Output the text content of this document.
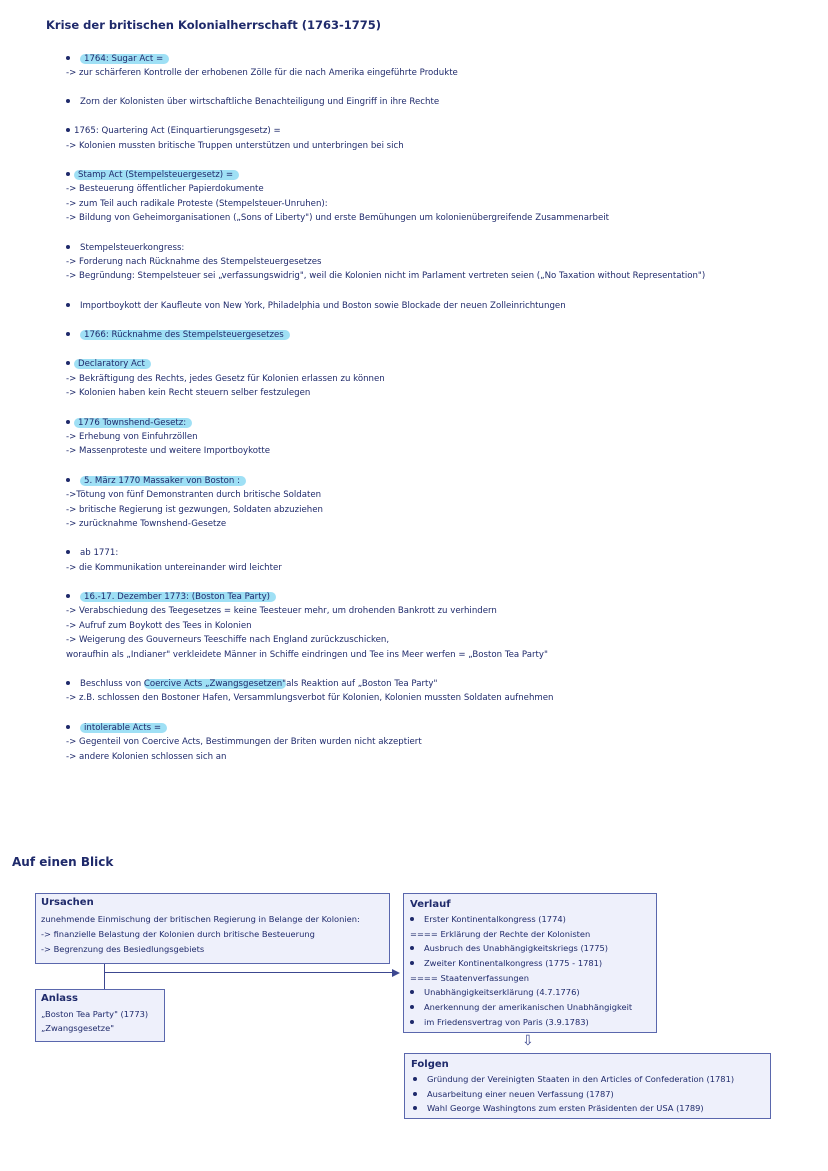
Krise der britischen Kolonialherrschaft (1763-1775)
1764: Sugar Act =
-> zur schärferen Kontrolle der erhobenen Zölle für die nach Amerika eingeführte Produkte
Zorn der Kolonisten über wirtschaftliche Benachteiligung und Eingriff in ihre Rechte
1765: Quartering Act (Einquartierungsgesetz) =
-> Kolonien mussten britische Truppen unterstützen und unterbringen bei sich
Stamp Act (Stempelsteuergesetz) =
-> Besteuerung öffentlicher Papierdokumente
-> zum Teil auch radikale Proteste (Stempelsteuer-Unruhen):
-> Bildung von Geheimorganisationen („Sons of Liberty") und erste Bemühungen um kolonienübergreifende Zusammenarbeit
Stempelsteuerkongress:
-> Forderung nach Rücknahme des Stempelsteuergesetzes
-> Begründung: Stempelsteuer sei „verfassungswidrig", weil die Kolonien nicht im Parlament vertreten seien („No Taxation without Representation")
Importboykott der Kaufleute von New York, Philadelphia und Boston sowie Blockade der neuen Zolleinrichtungen
1766: Rücknahme des Stempelsteuergesetzes
Declaratory Act
-> Bekräftigung des Rechts, jedes Gesetz für Kolonien erlassen zu können
-> Kolonien haben kein Recht steuern selber festzulegen
1776 Townshend-Gesetz:
-> Erhebung von Einfuhrzöllen
-> Massenproteste und weitere Importboykotte
5. März 1770 Massaker von Boston :
->Tötung von fünf Demonstranten durch britische Soldaten
-> britische Regierung ist gezwungen, Soldaten abzuziehen
-> zurücknahme Townshend-Gesetze
ab 1771:
-> die Kommunikation untereinander wird leichter
16.-17. Dezember 1773: (Boston Tea Party)
-> Verabschiedung des Teegesetzes = keine Teesteuer mehr, um drohenden Bankrott zu verhindern
-> Aufruf zum Boykott des Tees in Kolonien
-> Weigerung des Gouverneurs Teeschiffe nach England zurückzuschicken,
woraufhin als „Indianer" verkleidete Männer in Schiffe eindringen und Tee ins Meer werfen = „Boston Tea Party"
Beschluss von Coercive Acts „Zwangsgesetzen"als Reaktion auf „Boston Tea Party"
-> z.B. schlossen den Bostoner Hafen, Versammlungsverbot für Kolonien, Kolonien mussten Soldaten aufnehmen
intolerable Acts =
-> Gegenteil von Coercive Acts, Bestimmungen der Briten wurden nicht akzeptiert
-> andere Kolonien schlossen sich an
Auf einen Blick
Ursachen
zunehmende Einmischung der britischen Regierung in Belange der Kolonien:
-> finanzielle Belastung der Kolonien durch britische Besteuerung
-> Begrenzung des Besiedlungsgebiets
Anlass
„Boston Tea Party" (1773)
„Zwangsgesetze"
Verlauf
Erster Kontinentalkongress (1774)
==== Erklärung der Rechte der Kolonisten
Ausbruch des Unabhängigkeitskriegs (1775)
Zweiter Kontinentalkongress (1775 - 1781)
==== Staatenverfassungen
Unabhängigkeitserklärung (4.7.1776)
Anerkennung der amerikanischen Unabhängigkeit
im Friedensvertrag von Paris (3.9.1783)
⇩
Folgen
Gründung der Vereinigten Staaten in den Articles of Confederation (1781)
Ausarbeitung einer neuen Verfassung (1787)
Wahl George Washingtons zum ersten Präsidenten der USA (1789)
